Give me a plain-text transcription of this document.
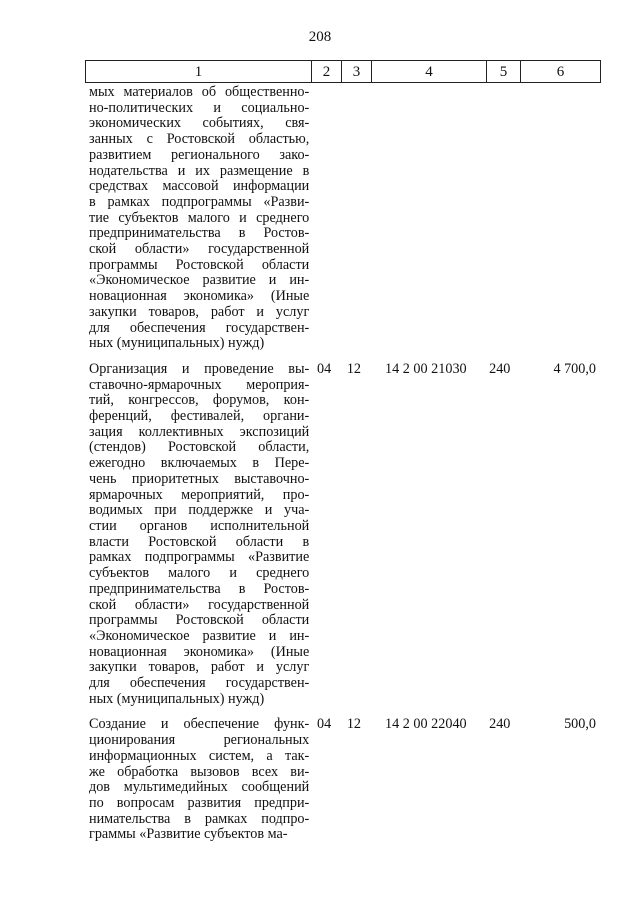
208
1	2	3	4	5	6
мых материалов об общественно-
но-политических и социально-
экономических событиях, свя-
занных с Ростовской областью,
развитием регионального зако-
нодательства и их размещение в
средствах массовой информации
в рамках подпрограммы «Разви-
тие субъектов малого и среднего
предпринимательства в Ростов-
ской области» государственной
программы Ростовской области
«Экономическое развитие и ин-
новационная экономика» (Иные
закупки товаров, работ и услуг
для обеспечения государствен-
ных (муниципальных) нужд)
Организация и проведение вы-
ставочно-ярмарочных мероприя-
тий, конгрессов, форумов, кон-
ференций, фестивалей, органи-
зация коллективных экспозиций
(стендов) Ростовской области,
ежегодно включаемых в Пере-
чень приоритетных выставочно-
ярмарочных мероприятий, про-
водимых при поддержке и уча-
стии органов исполнительной
власти Ростовской области в
рамках подпрограммы «Развитие
субъектов малого и среднего
предпринимательства в Ростов-
ской области» государственной
программы Ростовской области
«Экономическое развитие и ин-
новационная экономика» (Иные
закупки товаров, работ и услуг
для обеспечения государствен-
ных (муниципальных) нужд)
04	12	14 2 00 21030	240	4 700,0
Создание и обеспечение функ-
ционирования региональных
информационных систем, а так-
же обработка вызовов всех ви-
дов мультимедийных сообщений
по вопросам развития предпри-
нимательства в рамках подпро-
граммы «Развитие субъектов ма-
04	12	14 2 00 22040	240	500,0
